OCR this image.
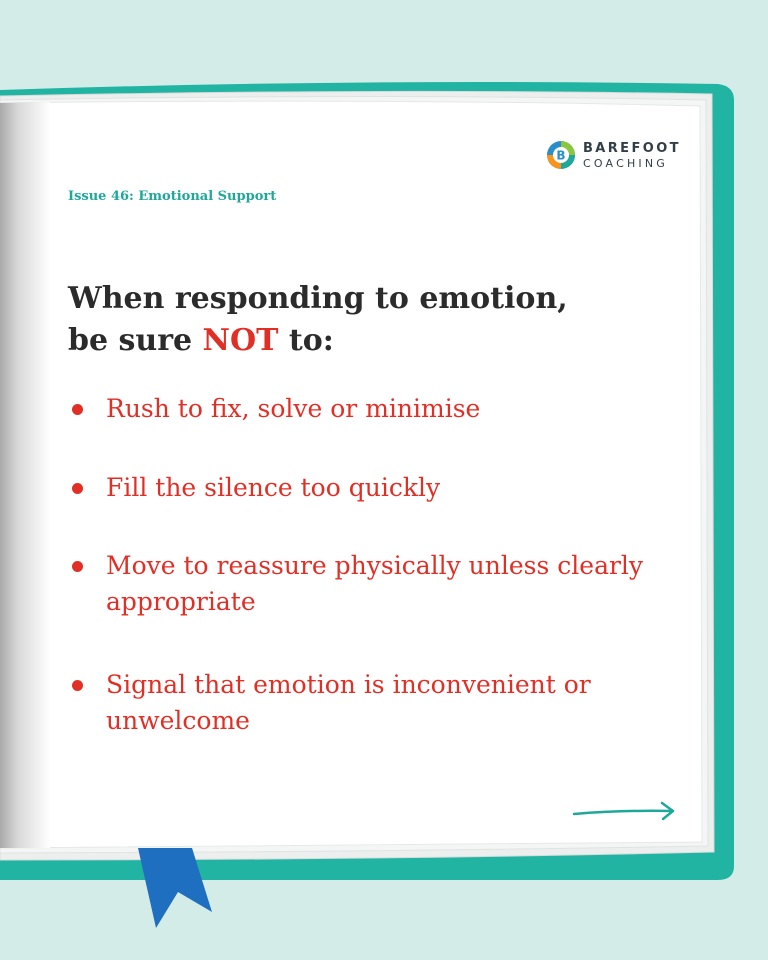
B BAREFOOT
COACHING
Issue 46: Emotional Support
When responding to emotion,
be sure NOT to:
Rush to fix, solve or minimise
Fill the silence too quickly
Move to reassure physically unless clearly appropriate
Signal that emotion is inconvenient or unwelcome
